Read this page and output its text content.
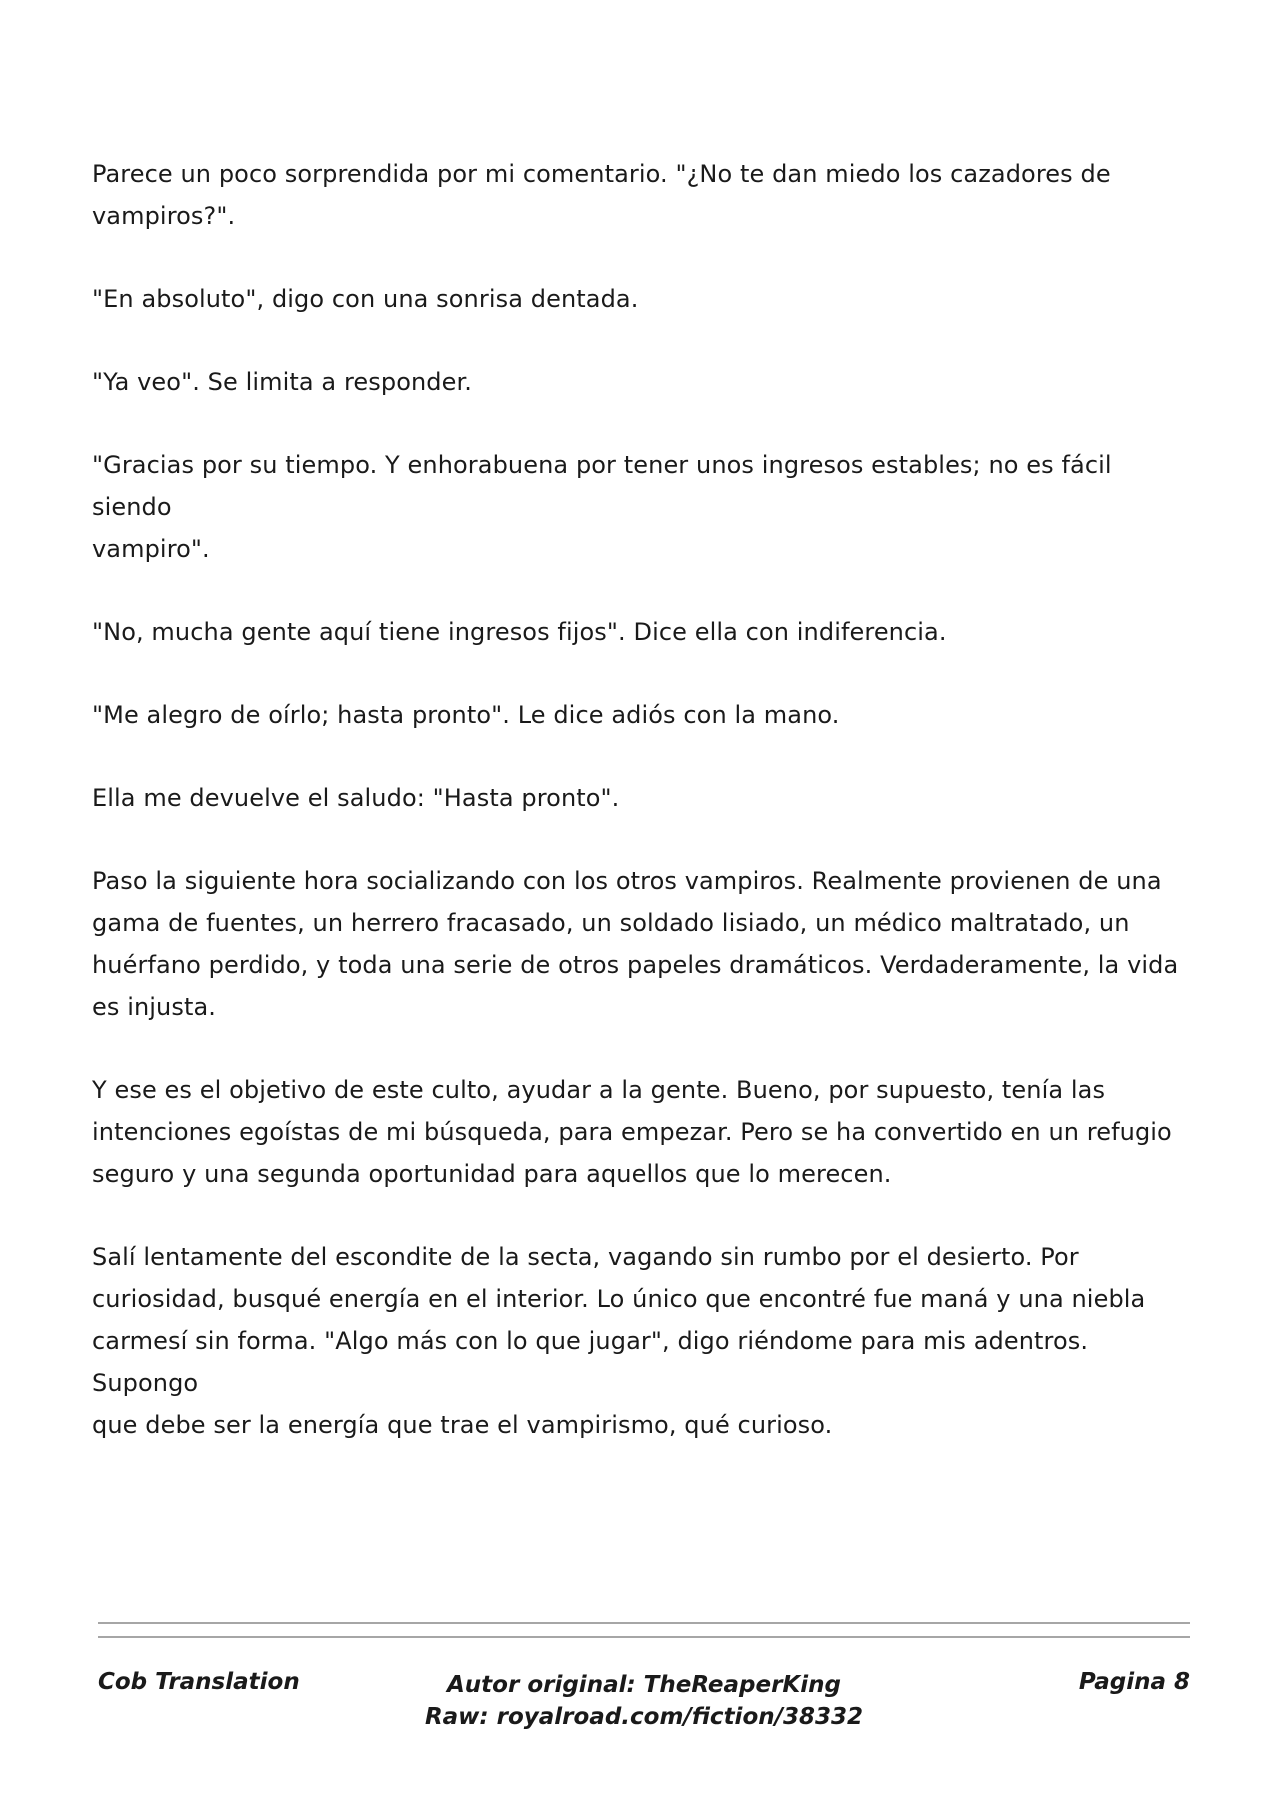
Parece un poco sorprendida por mi comentario. "¿No te dan miedo los cazadores de
vampiros?".

"En absoluto", digo con una sonrisa dentada.

"Ya veo". Se limita a responder.

"Gracias por su tiempo. Y enhorabuena por tener unos ingresos estables; no es fácil siendo
vampiro".

"No, mucha gente aquí tiene ingresos fijos". Dice ella con indiferencia.

"Me alegro de oírlo; hasta pronto". Le dice adiós con la mano.

Ella me devuelve el saludo: "Hasta pronto".

Paso la siguiente hora socializando con los otros vampiros. Realmente provienen de una
gama de fuentes, un herrero fracasado, un soldado lisiado, un médico maltratado, un
huérfano perdido, y toda una serie de otros papeles dramáticos. Verdaderamente, la vida
es injusta.

Y ese es el objetivo de este culto, ayudar a la gente. Bueno, por supuesto, tenía las
intenciones egoístas de mi búsqueda, para empezar. Pero se ha convertido en un refugio
seguro y una segunda oportunidad para aquellos que lo merecen.

Salí lentamente del escondite de la secta, vagando sin rumbo por el desierto. Por
curiosidad, busqué energía en el interior. Lo único que encontré fue maná y una niebla
carmesí sin forma. "Algo más con lo que jugar", digo riéndome para mis adentros. Supongo
que debe ser la energía que trae el vampirismo, qué curioso.

Cob Translation	Autor original: TheReaperKing
Raw: royalroad.com/fiction/38332
Pagina 8
